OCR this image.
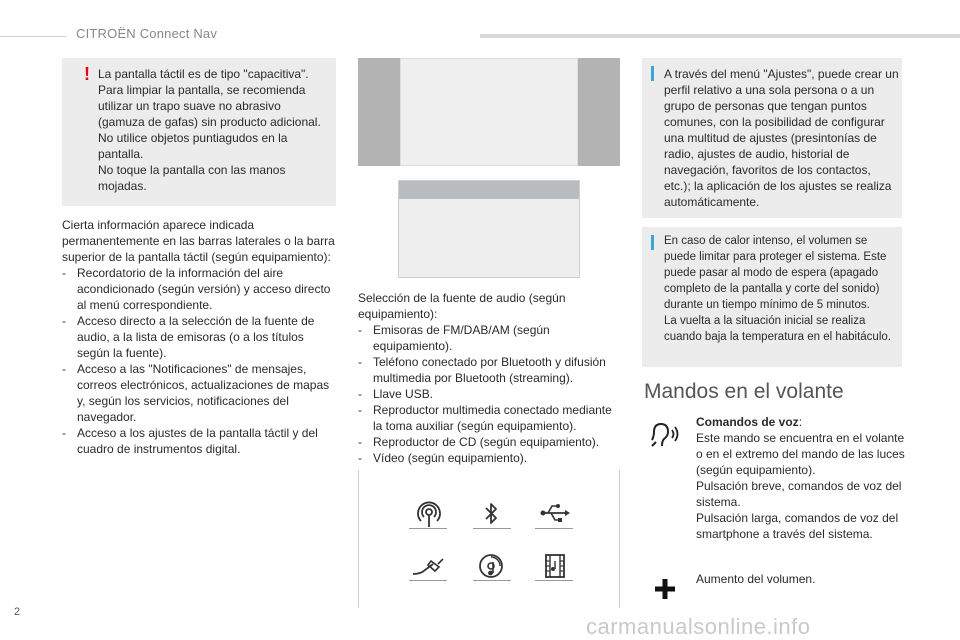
CITROËN Connect Nav
! La pantalla táctil es de tipo "capacitiva".
Para limpiar la pantalla, se recomienda utilizar un trapo suave no abrasivo (gamuza de gafas) sin producto adicional.
No utilice objetos puntiagudos en la pantalla.
No toque la pantalla con las manos mojadas.
Cierta información aparece indicada permanentemente en las barras laterales o la barra superior de la pantalla táctil (según equipamiento):
- Recordatorio de la información del aire acondicionado (según versión) y acceso directo al menú correspondiente.
- Acceso directo a la selección de la fuente de audio, a la lista de emisoras (o a los títulos según la fuente).
- Acceso a las "Notificaciones" de mensajes, correos electrónicos, actualizaciones de mapas y, según los servicios, notificaciones del navegador.
- Acceso a los ajustes de la pantalla táctil y del cuadro de instrumentos digital.
Selección de la fuente de audio (según equipamiento):
- Emisoras de FM/DAB/AM (según equipamiento).
- Teléfono conectado por Bluetooth y difusión multimedia por Bluetooth (streaming).
- Llave USB.
- Reproductor multimedia conectado mediante la toma auxiliar (según equipamiento).
- Reproductor de CD (según equipamiento).
- Vídeo (según equipamiento).
A través del menú "Ajustes", puede crear un perfil relativo a una sola persona o a un grupo de personas que tengan puntos comunes, con la posibilidad de configurar una multitud de ajustes (presintonías de radio, ajustes de audio, historial de navegación, favoritos de los contactos, etc.); la aplicación de los ajustes se realiza automáticamente.
En caso de calor intenso, el volumen se puede limitar para proteger el sistema. Este puede pasar al modo de espera (apagado completo de la pantalla y corte del sonido) durante un tiempo mínimo de 5 minutos.
La vuelta a la situación inicial se realiza cuando baja la temperatura en el habitáculo.
Mandos en el volante
Comandos de voz:
Este mando se encuentra en el volante o en el extremo del mando de las luces (según equipamiento).
Pulsación breve, comandos de voz del sistema.
Pulsación larga, comandos de voz del smartphone a través del sistema.
Aumento del volumen.
2
carmanualsonline.info
